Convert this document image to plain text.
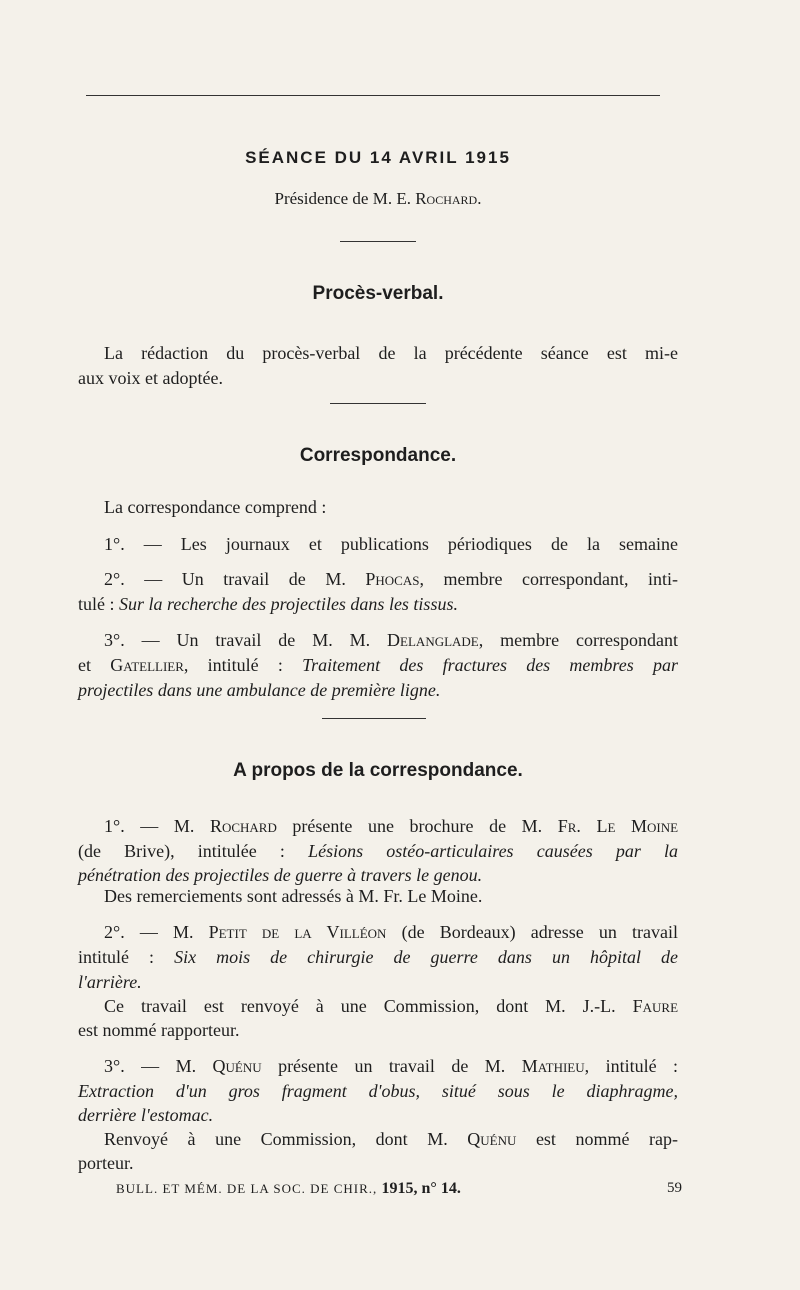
SÉANCE DU 14 AVRIL 1915
Présidence de M. E. Rochard.
Procès-verbal.
La rédaction du procès-verbal de la précédente séance est mi-e
aux voix et adoptée.
Correspondance.
La correspondance comprend :
1°. — Les journaux et publications périodiques de la semaine
2°. — Un travail de M. Phocas, membre correspondant, inti-
tulé : Sur la recherche des projectiles dans les tissus.
3°. — Un travail de M. M. Delanglade, membre correspondant
et Gatellier, intitulé : Traitement des fractures des membres par
projectiles dans une ambulance de première ligne.
A propos de la correspondance.
1°. — M. Rochard présente une brochure de M. Fr. Le Moine
(de Brive), intitulée : Lésions ostéo-articulaires causées par la
pénétration des projectiles de guerre à travers le genou.
Des remerciements sont adressés à M. Fr. Le Moine.
2°. — M. Petit de la Villéon (de Bordeaux) adresse un travail
intitulé : Six mois de chirurgie de guerre dans un hôpital de
l'arrière.
Ce travail est renvoyé à une Commission, dont M. J.-L. Faure
est nommé rapporteur.
3°. — M. Quénu présente un travail de M. Mathieu, intitulé :
Extraction d'un gros fragment d'obus, situé sous le diaphragme,
derrière l'estomac.
Renvoyé à une Commission, dont M. Quénu est nommé rap-
porteur.
BULL. ET MÉM. DE LA SOC. DE CHIR., 1915, n° 14.	59
